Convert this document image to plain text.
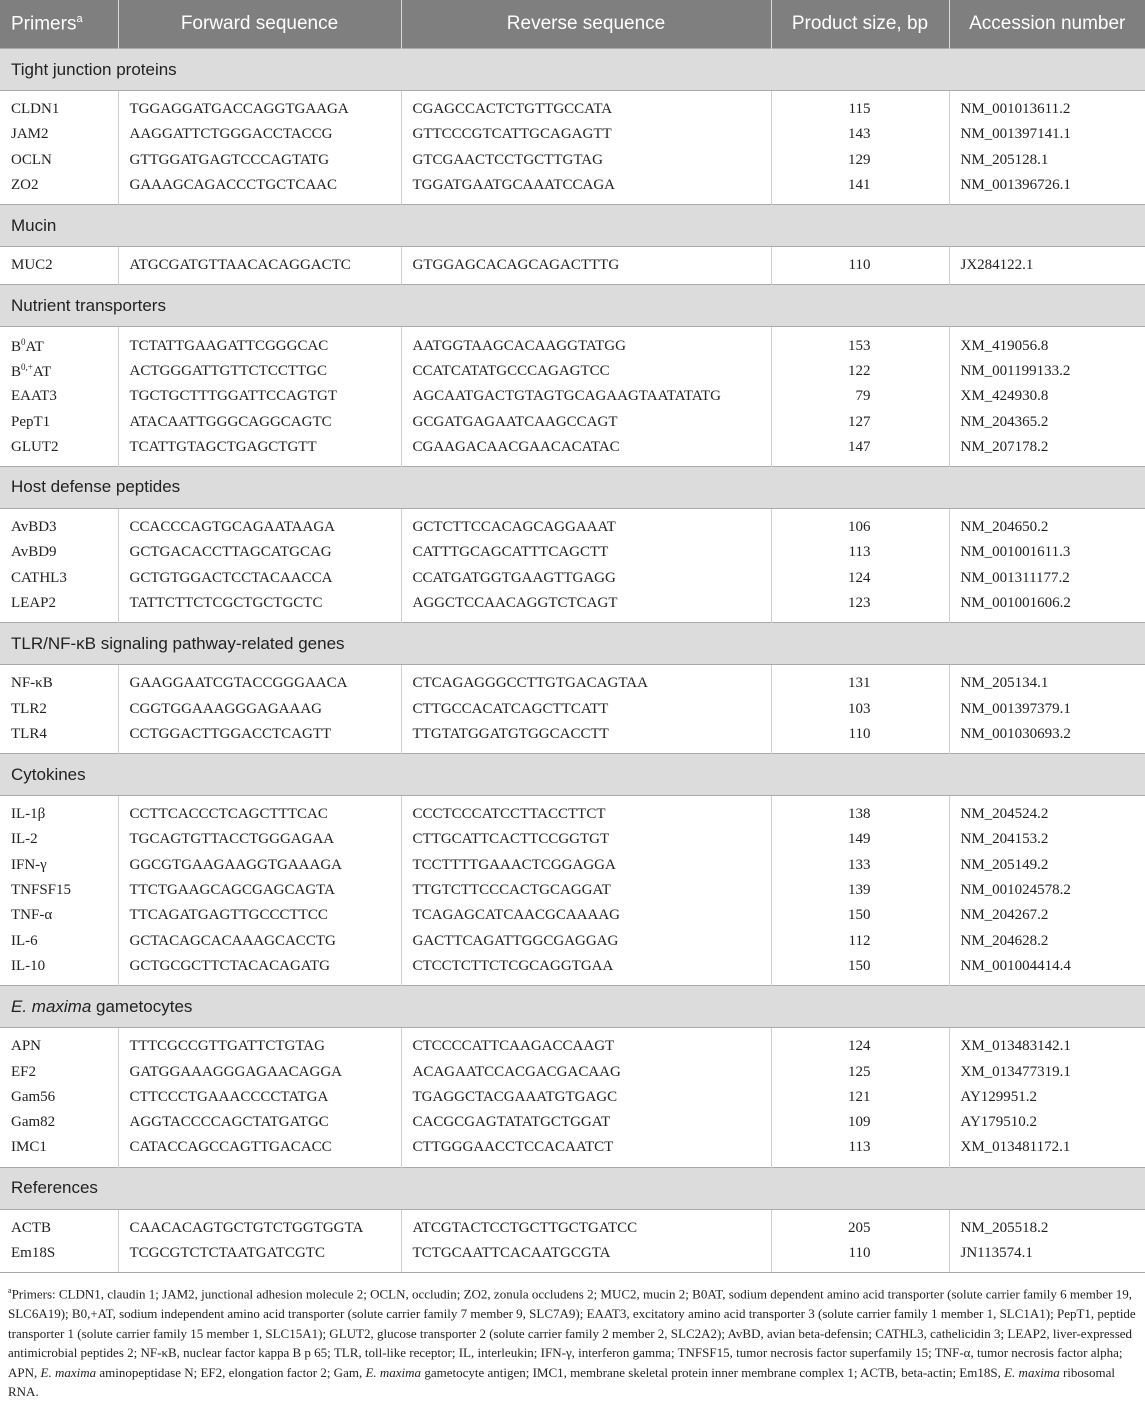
Primers$^a$	Forward sequence	Reverse sequence	Product size, bp	Accession number
Tight junction proteins				

CLDN1	TGGAGGATGACCAGGTGAAGA	CGAGCCACTCTGTTGCCATA	115	NM_001013611.2
JAM2	AAGGATTCTGGGACCTACCG	GTTCCCGTCATTGCAGAGTT	143	NM_001397141.1
OCLN	GTTGGATGAGTCCCAGTATG	GTCGAACTCCTGCTTGTAG	129	NM_205128.1
ZO2	GAAAGCAGACCCTGCTCAAC	TGGATGAATGCAAATCCAGA	141	NM_001396726.1

Mucin				

MUC2	ATGCGATGTTAACACAGGACTC	GTGGAGCACAGCAGACTTTG	110	JX284122.1

Nutrient transporters				

$B^0AT$	TCTATTGAAGATTCGGGCAC	AATGGTAAGCACAAGGTATGG	153	XM_419056.8
$B^{0,+}AT$	ACTGGGATTGTTCTCCTTGC	CCATCATATGCCCAGAGTCC	122	NM_001199133.2
EAAT3	TGCTGCTTTGGATTCCAGTGT	AGCAATGACTGTAGTGCAGAAGTAATATATG	79	XM_424930.8
PepT1	ATACAATTGGGCAGGCAGTC	GCGATGAGAATCAAGCCAGT	127	NM_204365.2
GLUT2	TCATTGTAGCTGAGCTGTT	CGAAGACAACGAACACATAC	147	NM_207178.2

Host defense peptides				

AvBD3	CCACCCAGTGCAGAATAAGA	GCTCTTCCACAGCAGGAAAT	106	NM_204650.2
AvBD9	GCTGACACCTTAGCATGCAG	CATTTGCAGCATTTCAGCTT	113	NM_001001611.3
CATHL3	GCTGTGGACTCCTACAACCA	CCATGATGGTGAAGTTGAGG	124	NM_001311177.2
LEAP2	TATTCTTCTCGCTGCTGCTC	AGGCTCCAACAGGTCTCAGT	123	NM_001001606.2

TLR/NF-κB signaling pathway-related genes				

NF-κB	GAAGGAATCGTACCGGGAACA	CTCAGAGGGCCTTGTGACAGTAA	131	NM_205134.1
TLR2	CGGTGGAAAGGGAGAAAG	CTTGCCACATCAGCTTCATT	103	NM_001397379.1
TLR4	CCTGGACTTGGACCTCAGTT	TTGTATGGATGTGGCACCTT	110	NM_001030693.2

Cytokines				

IL-1β	CCTTCACCCTCAGCTTTCAC	CCCTCCCATCCTTACCTTCT	138	NM_204524.2
IL-2	TGCAGTGTTACCTGGGAGAA	CTTGCATTCACTTCCGGTGT	149	NM_204153.2
IFN-γ	GGCGTGAAGAAGGTGAAAGA	TCCTTTTGAAACTCGGAGGA	133	NM_205149.2
TNFSF15	TTCTGAAGCAGCGAGCAGTA	TTGTCTTCCCACTGCAGGAT	139	NM_001024578.2
TNF-α	TTCAGATGAGTTGCCCTTCC	TCAGAGCATCAACGCAAAAG	150	NM_204267.2
IL-6	GCTACAGCACAAAGCACCTG	GACTTCAGATTGGCGAGGAG	112	NM_204628.2
IL-10	GCTGCGCTTCTACACAGATG	CTCCTCTTCTCGCAGGTGAA	150	NM_001004414.4

E. maxima gametocytes				

APN	TTTCGCCGTTGATTCTGTAG	CTCCCCATTCAAGACCAAGT	124	XM_013483142.1
EF2	GATGGAAAGGGAGAACAGGA	ACAGAATCCACGACGACAAG	125	XM_013477319.1
Gam56	CTTCCCTGAAACCCCTATGA	TGAGGCTACGAAATGTGAGC	121	AY129951.2
Gam82	AGGTACCCCAGCTATGATGC	CACGCGAGTATATGCTGGAT	109	AY179510.2
IMC1	CATACCAGCCAGTTGACACC	CTTGGGAACCTCCACAATCT	113	XM_013481172.1

References				

ACTB	CAACACAGTGCTGTCTGGTGGTA	ATCGTACTCCTGCTTGCTGATCC	205	NM_205518.2
Em18S	TCGCGTCTCTAATGATCGTC	TCTGCAATTCACAATGCGTA	110	JN113574.1

$^a$Primers: CLDN1, claudin 1; JAM2, junctional adhesion molecule 2; OCLN, occludin; ZO2, zonula occludens 2; MUC2, mucin 2; B0AT, sodium dependent amino acid transporter (solute carrier family 6 member 19, SLC6A19); B0,+AT, sodium independent amino acid transporter (solute carrier family 7 member 9, SLC7A9); EAAT3, excitatory amino acid transporter 3 (solute carrier family 1 member 1, SLC1A1); PepT1, peptide transporter 1 (solute carrier family 15 member 1, SLC15A1); GLUT2, glucose transporter 2 (solute carrier family 2 member 2, SLC2A2); AvBD, avian beta-defensin; CATHL3, cathelicidin 3; LEAP2, liver-expressed antimicrobial peptides 2; NF-κB, nuclear factor kappa B p 65; TLR, toll-like receptor; IL, interleukin; IFN-γ, interferon gamma; TNFSF15, tumor necrosis factor superfamily 15; TNF-α, tumor necrosis factor alpha; APN, E. maxima aminopeptidase N; EF2, elongation factor 2; Gam, E. maxima gametocyte antigen; IMC1, membrane skeletal protein inner membrane complex 1; ACTB, beta-actin; Em18S, E. maxima ribosomal RNA.
